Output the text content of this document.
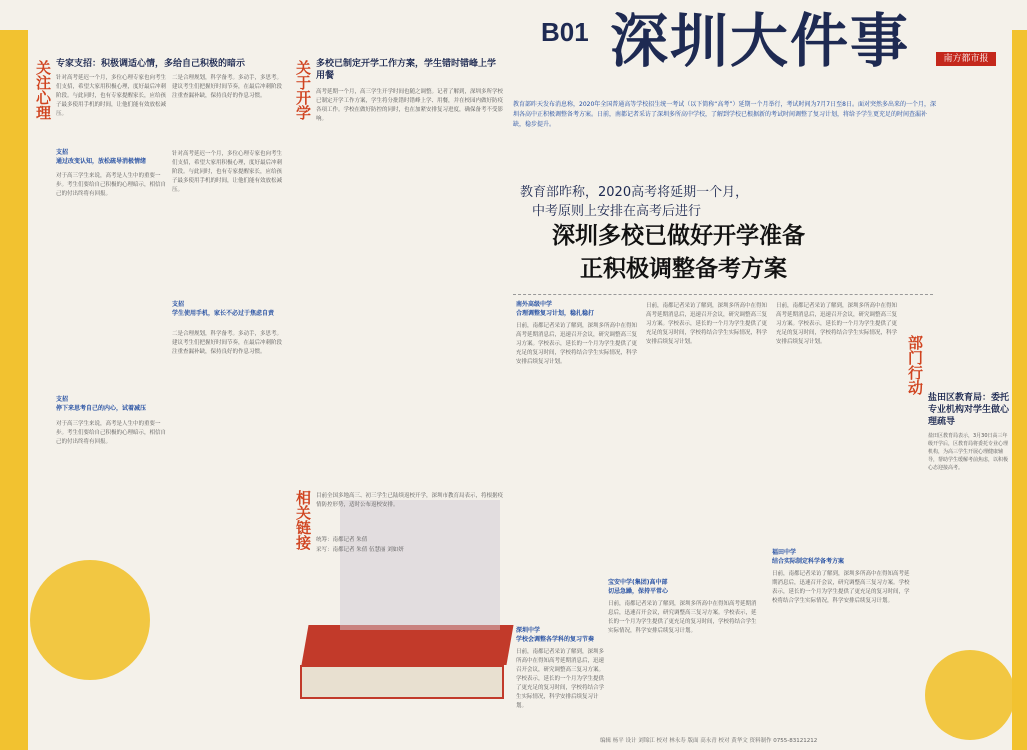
B01 深圳大件事	南方都市报
关注心理 专家支招：积极调适心情，多给自己积极的暗示
针对高考延迟一个月，多位心理专家也向考生们支招，希望大家用积极心理，度好最后冲刺阶段。与此同时，也有专家提醒家长，应给孩子最多使用手机的时间，让他们能有效放松减压。
二是合理规划，科学备考。多动手，多思考。建议考生们把握好时间节奏，在最后冲刺阶段注重查漏补缺，保持良好的作息习惯。
支招
通过改变认知，放松疏导消极情绪
对于高三学生来说，高考是人生中的重要一步。考生们要给自己积极的心理暗示，相信自己的付出终将有回报。
针对高考延迟一个月，多位心理专家也向考生们支招，希望大家用积极心理，度好最后冲刺阶段。与此同时，也有专家提醒家长，应给孩子最多使用手机的时间，让他们能有效放松减压。
支招
学生使用手机，家长不必过于焦虑自责
二是合理规划，科学备考。多动手，多思考。建议考生们把握好时间节奏，在最后冲刺阶段注重查漏补缺，保持良好的作息习惯。
支招
停下来思考自己的内心，试着减压
对于高三学生来说，高考是人生中的重要一步。考生们要给自己积极的心理暗示，相信自己的付出终将有回报。
关于开学 多校已制定开学工作方案，学生错时错峰上学用餐
高考延期一个月，高三学生开学时间也随之调整。记者了解到，深圳多所学校已制定开学工作方案，学生将分批错时错峰上学、用餐，并在校园内做好防疫各项工作。学校在做好防控的同时，也在加紧安排复习进度，确保备考不受影响。
相关链接 目前全国多地高三、初三学生已陆续返校开学，深圳市教育局表示，将根据疫情防控形势，适时公布返校安排。
统筹：南都记者 朱倩
采写：南都记者 朱倩 伍慧丽 刘如妍
教育部昨天发布消息称，2020年全国普通高等学校招生统一考试（以下简称“高考”）延期一个月举行，考试时间为7月7日至8日。面对突然多出来的一个月，深圳各高中正积极调整备考方案。日前，南都记者采访了深圳多所高中学校，了解到学校已根据新的考试时间调整了复习计划，将给予学生更充足的时间查漏补缺，稳步提升。
教育部昨称，2020高考将延期一个月，
中考原则上安排在高考后进行
深圳多校已做好开学准备
正积极调整备考方案
南外高级中学
合理调整复习计划，稳扎稳打
日前，南都记者采访了解到，深圳多所高中在得知高考延期消息后，迅速召开会议，研究调整高三复习方案。学校表示，延长的一个月为学生提供了更充足的复习时间，学校将结合学生实际情况，科学安排后续复习计划。
日前，南都记者采访了解到，深圳多所高中在得知高考延期消息后，迅速召开会议，研究调整高三复习方案。学校表示，延长的一个月为学生提供了更充足的复习时间，学校将结合学生实际情况，科学安排后续复习计划。
日前，南都记者采访了解到，深圳多所高中在得知高考延期消息后，迅速召开会议，研究调整高三复习方案。学校表示，延长的一个月为学生提供了更充足的复习时间，学校将结合学生实际情况，科学安排后续复习计划。
宝安中学(集团)高中部
切忌急躁，保持平常心
日前，南都记者采访了解到，深圳多所高中在得知高考延期消息后，迅速召开会议，研究调整高三复习方案。学校表示，延长的一个月为学生提供了更充足的复习时间，学校将结合学生实际情况，科学安排后续复习计划。
深圳中学
学校会调整各学科的复习节奏
日前，南都记者采访了解到，深圳多所高中在得知高考延期消息后，迅速召开会议，研究调整高三复习方案。学校表示，延长的一个月为学生提供了更充足的复习时间，学校将结合学生实际情况，科学安排后续复习计划。
福田中学
结合实际制定科学备考方案
日前，南都记者采访了解到，深圳多所高中在得知高考延期消息后，迅速召开会议，研究调整高三复习方案。学校表示，延长的一个月为学生提供了更充足的复习时间，学校将结合学生实际情况，科学安排后续复习计划。
部门行动
盐田区教育局：委托专业机构对学生做心理疏导
盐田区教育局表示，3月30日高三年级开学后，区教育局将委托专业心理机构，为高三学生开展心理健康辅导，帮助学生缓解考前焦虑，以积极心态迎接高考。
编辑 杨平 设计 刘锦江 校对 林永寿 版面 高永青 校对 黄华文 资料制作 0755-83121212
